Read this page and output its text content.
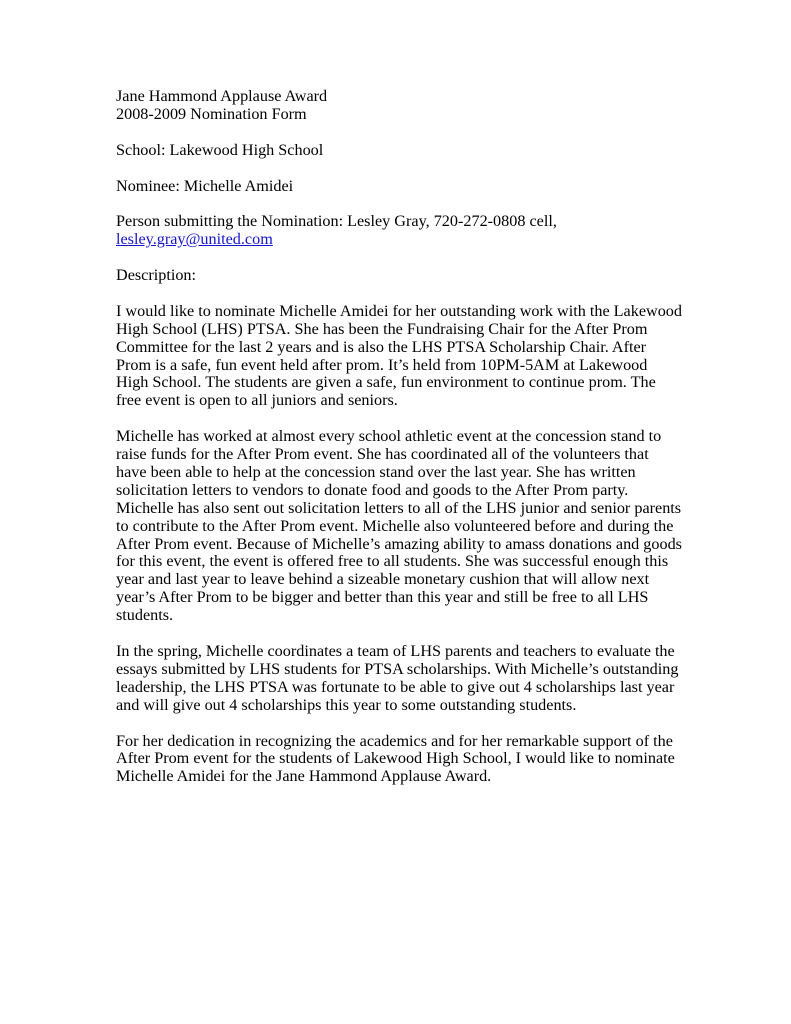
Jane Hammond Applause Award
2008-2009 Nomination Form
School: Lakewood High School
Nominee: Michelle Amidei
Person submitting the Nomination: Lesley Gray, 720-272-0808 cell,
lesley.gray@united.com
Description:

I would like to nominate Michelle Amidei for her outstanding work with the Lakewood High School (LHS) PTSA. She has been the Fundraising Chair for the After Prom Committee for the last 2 years and is also the LHS PTSA Scholarship Chair. After Prom is a safe, fun event held after prom. It’s held from 10PM-5AM at Lakewood High School. The students are given a safe, fun environment to continue prom. The free event is open to all juniors and seniors.

Michelle has worked at almost every school athletic event at the concession stand to raise funds for the After Prom event. She has coordinated all of the volunteers that have been able to help at the concession stand over the last year. She has written solicitation letters to vendors to donate food and goods to the After Prom party. Michelle has also sent out solicitation letters to all of the LHS junior and senior parents to contribute to the After Prom event. Michelle also volunteered before and during the After Prom event. Because of Michelle’s amazing ability to amass donations and goods for this event, the event is offered free to all students. She was successful enough this year and last year to leave behind a sizeable monetary cushion that will allow next year’s After Prom to be bigger and better than this year and still be free to all LHS students.

In the spring, Michelle coordinates a team of LHS parents and teachers to evaluate the essays submitted by LHS students for PTSA scholarships. With Michelle’s outstanding leadership, the LHS PTSA was fortunate to be able to give out 4 scholarships last year and will give out 4 scholarships this year to some outstanding students.

For her dedication in recognizing the academics and for her remarkable support of the After Prom event for the students of Lakewood High School, I would like to nominate Michelle Amidei for the Jane Hammond Applause Award.
